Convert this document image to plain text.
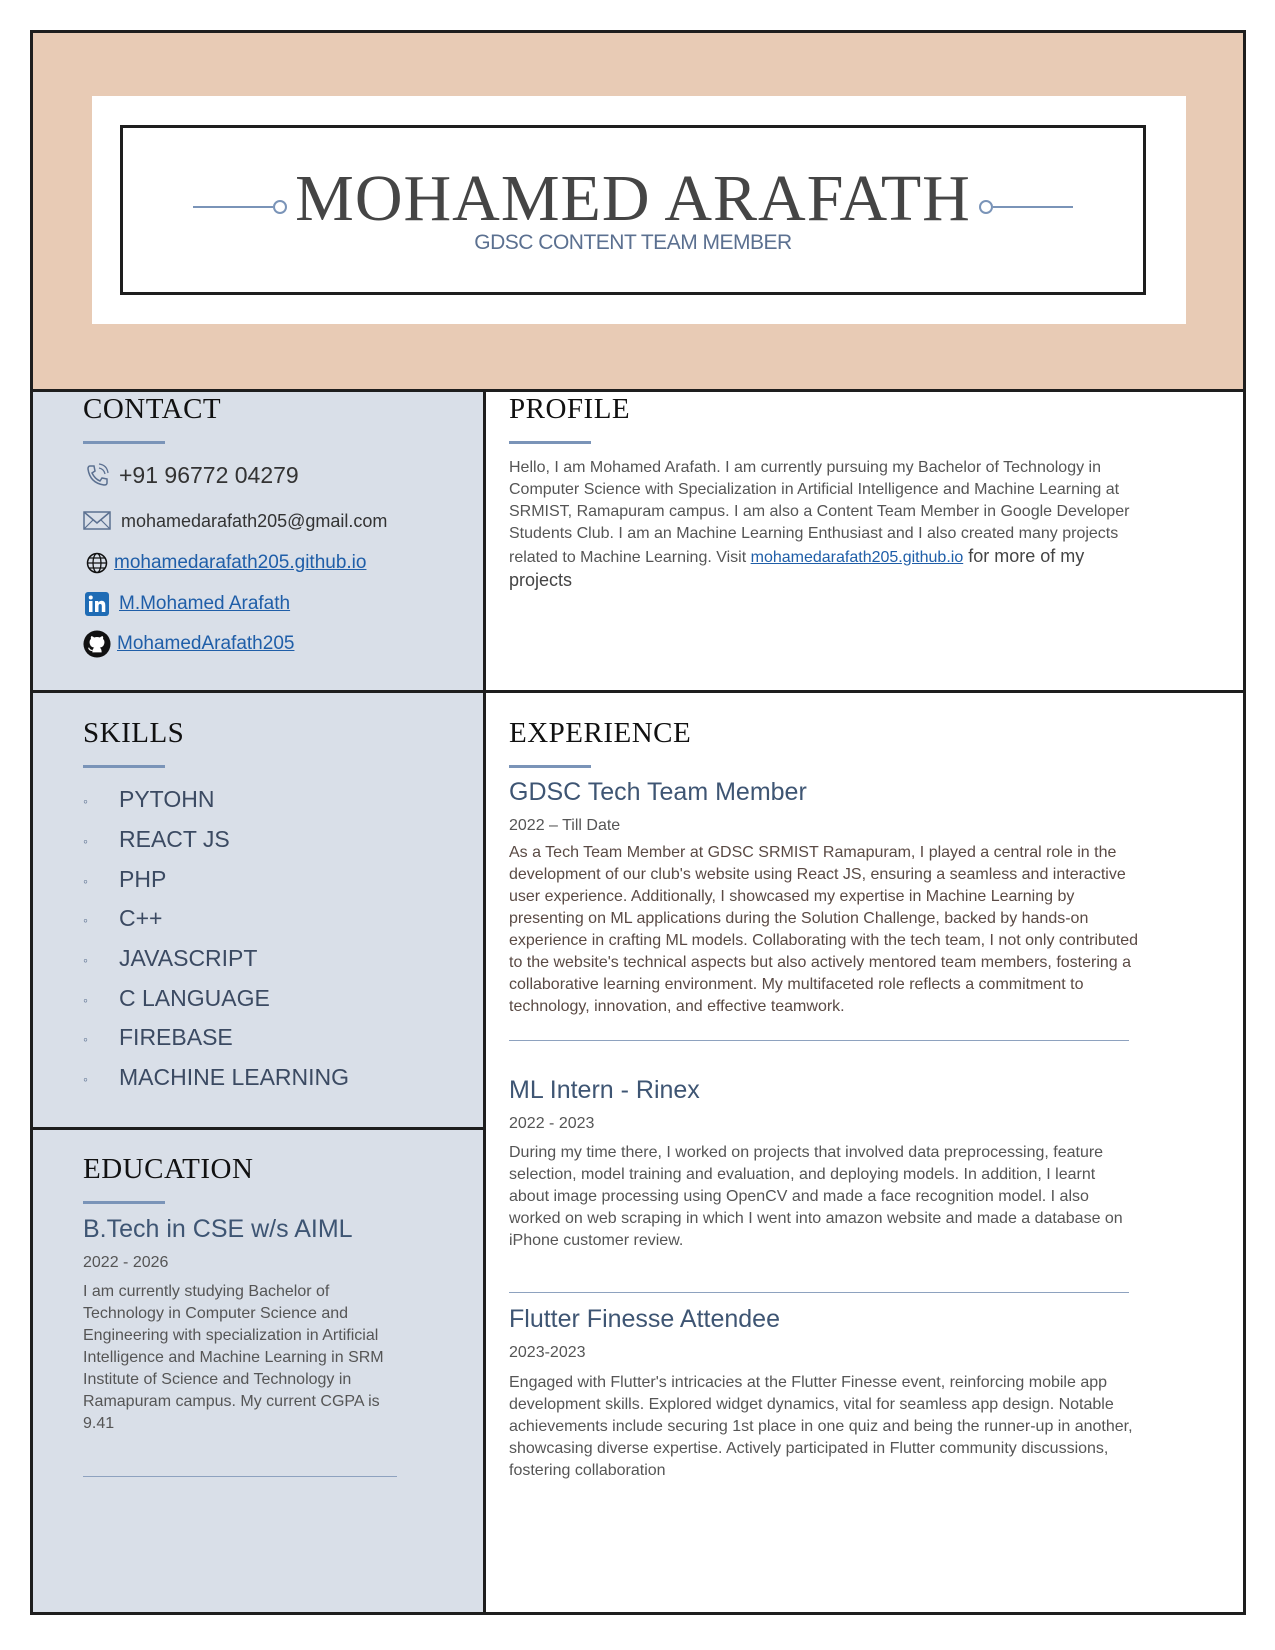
MOHAMED ARAFATH
GDSC CONTENT TEAM MEMBER
CONTACT
+91 96772 04279
mohamedarafath205@gmail.com
mohamedarafath205.github.io
M.Mohamed Arafath
MohamedArafath205
PROFILE
Hello, I am Mohamed Arafath. I am currently pursuing my Bachelor of Technology in Computer Science with Specialization in Artificial Intelligence and Machine Learning at SRMIST, Ramapuram campus. I am also a Content Team Member in Google Developer Students Club. I am an Machine Learning Enthusiast and I also created many projects related to Machine Learning. Visit mohamedarafath205.github.io for more of my projects
SKILLS
◦ PYTOHN
◦ REACT JS
◦ PHP
◦ C++
◦ JAVASCRIPT
◦ C LANGUAGE
◦ FIREBASE
◦ MACHINE LEARNING
EDUCATION
B.Tech in CSE w/s AIML
2022 - 2026
I am currently studying Bachelor of Technology in Computer Science and Engineering with specialization in Artificial Intelligence and Machine Learning in SRM Institute of Science and Technology in Ramapuram campus. My current CGPA is 9.41
EXPERIENCE
GDSC Tech Team Member
2022 – Till Date
As a Tech Team Member at GDSC SRMIST Ramapuram, I played a central role in the development of our club's website using React JS, ensuring a seamless and interactive user experience. Additionally, I showcased my expertise in Machine Learning by presenting on ML applications during the Solution Challenge, backed by hands-on experience in crafting ML models. Collaborating with the tech team, I not only contributed to the website's technical aspects but also actively mentored team members, fostering a collaborative learning environment. My multifaceted role reflects a commitment to technology, innovation, and effective teamwork.
ML Intern - Rinex
2022 - 2023
During my time there, I worked on projects that involved data preprocessing, feature selection, model training and evaluation, and deploying models. In addition, I learnt about image processing using OpenCV and made a face recognition model. I also worked on web scraping in which I went into amazon website and made a database on iPhone customer review.
Flutter Finesse Attendee
2023-2023
Engaged with Flutter's intricacies at the Flutter Finesse event, reinforcing mobile app development skills. Explored widget dynamics, vital for seamless app design. Notable achievements include securing 1st place in one quiz and being the runner-up in another, showcasing diverse expertise. Actively participated in Flutter community discussions, fostering collaboration
